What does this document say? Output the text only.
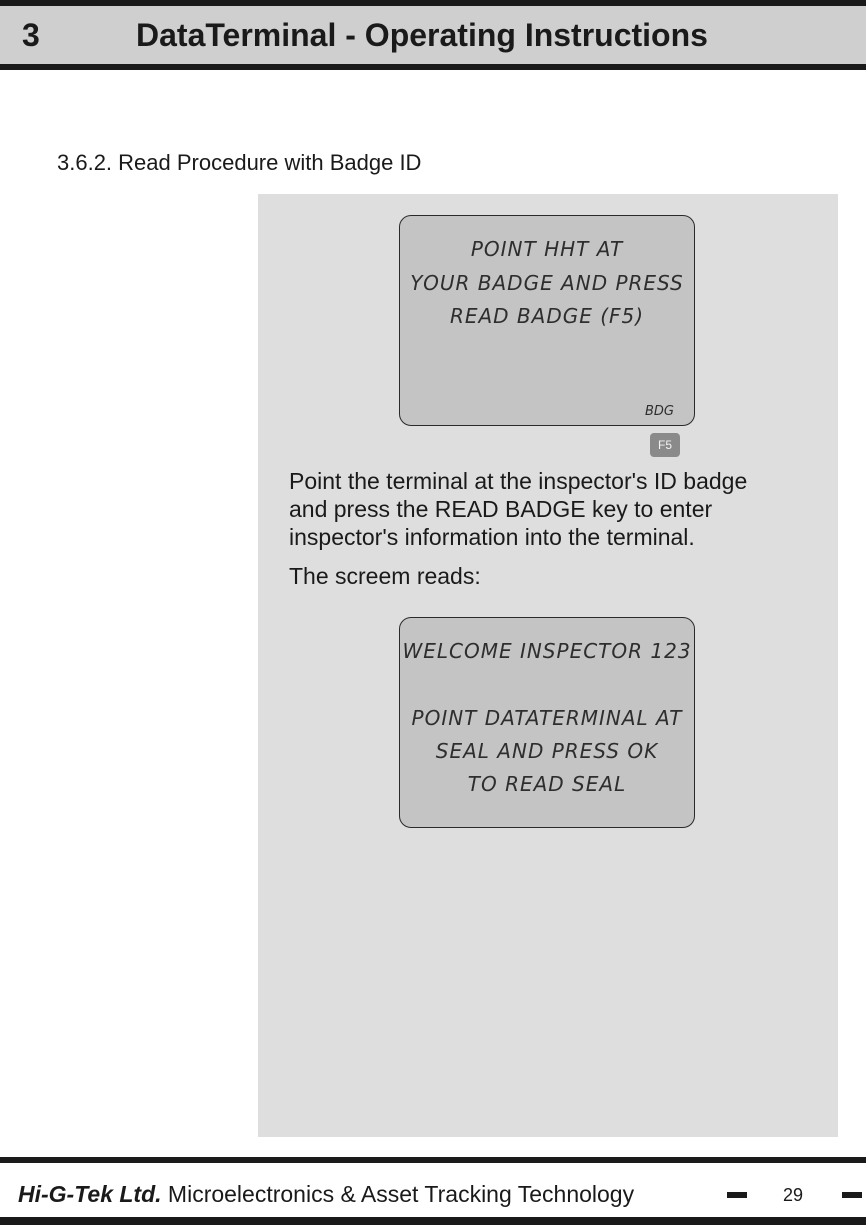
3	DataTerminal - Operating Instructions
3.6.2. Read Procedure with Badge ID
POINT HHT AT
YOUR BADGE AND PRESS
READ BADGE (F5)
BDG
F5
Point the terminal at the inspector's ID badge
and press the READ BADGE key to enter
inspector's information into the terminal.
The screem reads:
WELCOME INSPECTOR 123
POINT DATATERMINAL AT
SEAL AND PRESS OK
TO READ SEAL
Hi-G-Tek Ltd. Microelectronics & Asset Tracking Technology	29
